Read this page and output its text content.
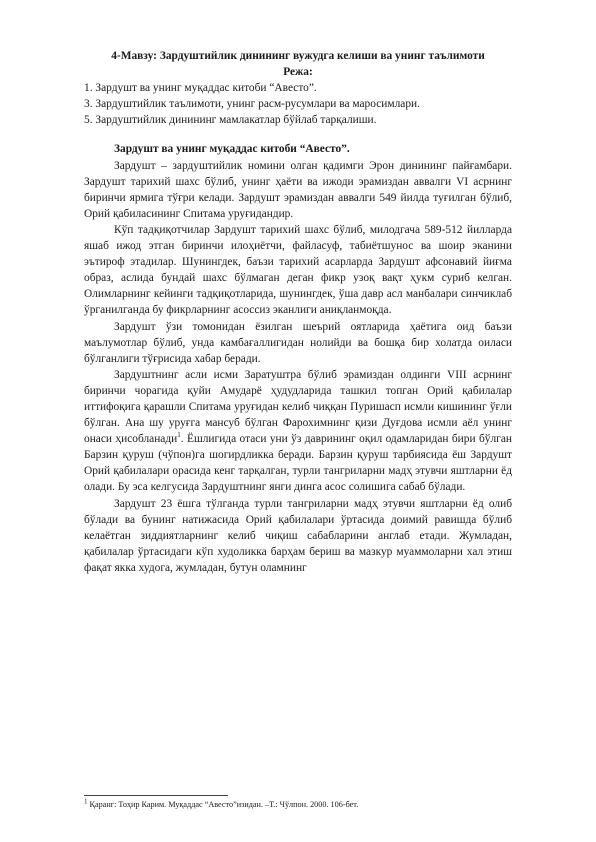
4-Мавзу: Зардуштийлик динининг вужудга келиши ва унинг таълимоти

Режа:

1. Зардушт ва унинг муқаддас китоби “Авесто”.

3. Зардуштийлик таълимоти, унинг расм-русумлари ва маросимлари.

5. Зардуштийлик динининг мамлакатлар бўйлаб тарқалиши.

Зардушт ва унинг муқаддас китоби “Авесто”.

Зардушт – зардуштийлик номини олган қадимги Эрон динининг пайғамбари. Зардушт тарихий шахс бўлиб, унинг ҳаёти ва ижоди эрамиздан аввалги VI асрнинг биринчи ярмига тўғри келади. Зардушт эрамиздан аввалги 549 йилда туғилган бўлиб, Орий қабиласининг Спитама уруғидандир.

Кўп тадқиқотчилар Зардушт тарихий шахс бўлиб, милодгача 589-512 йилларда яшаб ижод этган биринчи илоҳиётчи, файласуф, табиётшунос ва шоир эканини эътироф этадилар. Шунингдек, баъзи тарихий асарларда Зардушт афсонавий йиғма образ, аслида бундай шахс бўлмаган деган фикр узоқ вақт ҳукм суриб келган. Олимларнинг кейинги тадқиқотларида, шунингдек, ўша давр асл манбалари синчиклаб ўрганилганда бу фикрларнинг асоссиз эканлиги аниқланмоқда.

Зардушт ўзи томонидан ёзилган шеърий оятларида ҳаётига оид баъзи маълумотлар бўлиб, унда камбағаллигидан нолийди ва бошқа бир холатда оиласи бўлганлиги тўғрисида хабар беради.

Зардуштнинг асли исми Заратуштра бўлиб эрамиздан олдинги VIII асрнинг биринчи чорагида қуйи Амударё ҳудудларида ташкил топган Орий қабилалар иттифоқига қарашли Спитама уруғидан келиб чиққан Пуришасп исмли кишининг ўғли бўлган. Ана шу уруғга мансуб бўлган Фарохимнинг қизи Дуғдова исмли аёл унинг онаси ҳисобланади$^1$. Ёшлигида отаси уни ўз даврининг оқил одамларидан бири бўлган Барзин қуруш (чўпон)га шогирдликка беради. Барзин қуруш тарбиясида ёш Зардушт Орий қабилалари орасида кенг тарқалган, турли тангриларни мадҳ этувчи яштларни ёд олади. Бу эса келгусида Зардуштнинг янги динга асос солишига сабаб бўлади.

Зардушт 23 ёшга тўлганда турли тангриларни мадҳ этувчи яштларни ёд олиб бўлади ва бунинг натижасида Орий қабилалари ўртасида доимий равишда бўлиб келаётган зиддиятларнинг келиб чиқиш сабабларини англаб етади. Жумладан, қабилалар ўртасидаги кўп худоликка барҳам бериш ва мазкур муаммоларни хал этиш фақат якка худога, жумладан, бутун оламнинг

$^1$ Қаранг: Тоҳир Карим. Муқаддас “Авесто”изидан. –Т.: Чўлпон. 2000. 106-бет.
